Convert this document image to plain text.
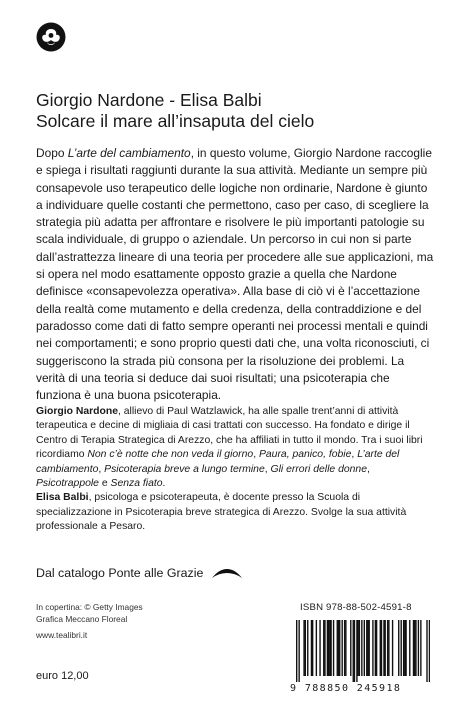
Giorgio Nardone - Elisa Balbi
Solcare il mare all’insaputa del cielo

Dopo L’arte del cambiamento, in questo volume, Giorgio Nardone raccoglie e spiega i risultati raggiunti durante la sua attività. Mediante un sempre più consapevole uso terapeutico delle logiche non ordinarie, Nardone è giunto a individuare quelle costanti che permettono, caso per caso, di scegliere la strategia più adatta per affrontare e risolvere le più importanti patologie su scala individuale, di gruppo o aziendale. Un percorso in cui non si parte dall’astrattezza lineare di una teoria per procedere alle sue applicazioni, ma si opera nel modo esattamente opposto grazie a quella che Nardone definisce «consapevolezza operativa». Alla base di ciò vi è l’accettazione della realtà come mutamento e della credenza, della contraddizione e del paradosso come dati di fatto sempre operanti nei processi mentali e quindi nei comportamenti; e sono proprio questi dati che, una volta riconosciuti, ci suggeriscono la strada più consona per la risoluzione dei problemi. La verità di una teoria si deduce dai suoi risultati; una psicoterapia che funziona è una buona psicoterapia.

Giorgio Nardone, allievo di Paul Watzlawick, ha alle spalle trent’anni di attività terapeutica e decine di migliaia di casi trattati con successo. Ha fondato e dirige il Centro di Terapia Strategica di Arezzo, che ha affiliati in tutto il mondo. Tra i suoi libri ricordiamo Non c’è notte che non veda il giorno, Paura, panico, fobie, L’arte del cambiamento, Psicoterapia breve a lungo termine, Gli errori delle donne, Psicotrappole e Senza fiato.
Elisa Balbi, psicologa e psicoterapeuta, è docente presso la Scuola di specializzazione in Psicoterapia breve strategica di Arezzo. Svolge la sua attività professionale a Pesaro.

Dal catalogo Ponte alle Grazie
In copertina: © Getty Images
Grafica Meccano Floreal
www.tealibri.it
euro 12,00
ISBN 978-88-502-4591-8
9 788850 245918
